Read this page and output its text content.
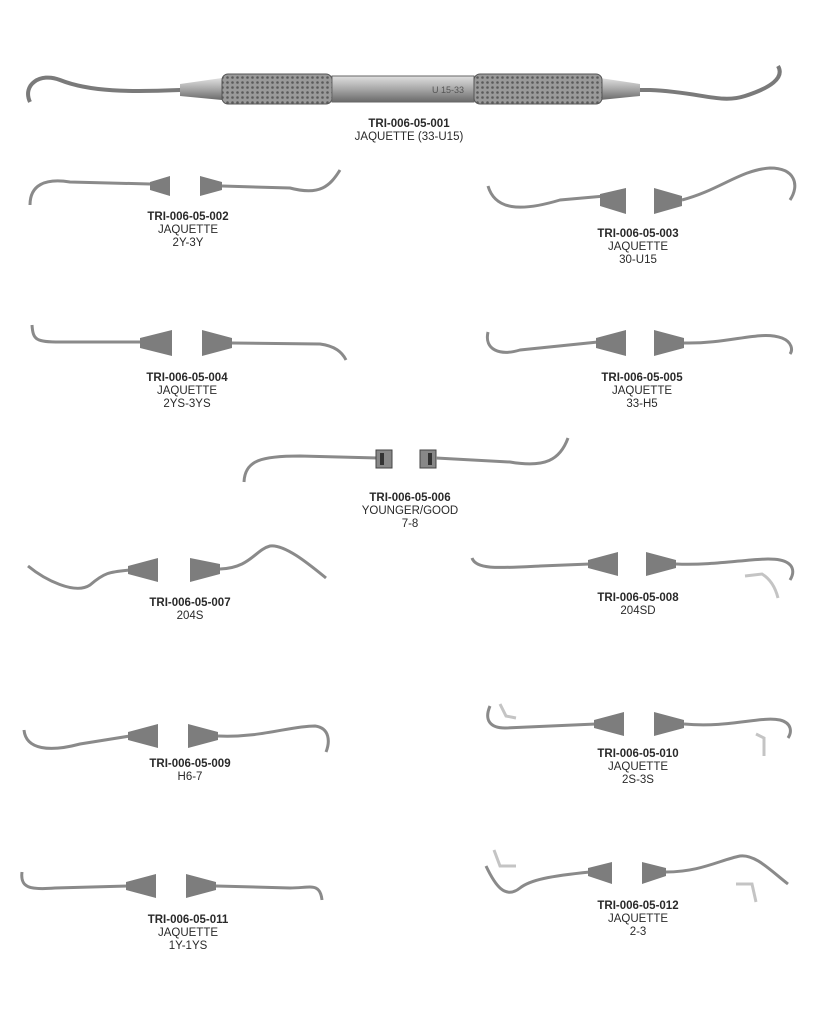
U 15-33
TRI-006-05-001
JAQUETTE (33-U15)
TRI-006-05-002
JAQUETTE
2Y-3Y
TRI-006-05-003
JAQUETTE
30-U15
TRI-006-05-004
JAQUETTE
2YS-3YS
TRI-006-05-005
JAQUETTE
33-H5
TRI-006-05-006
YOUNGER/GOOD
7-8
TRI-006-05-007
204S
TRI-006-05-008
204SD
TRI-006-05-009
H6-7
TRI-006-05-010
JAQUETTE
2S-3S
TRI-006-05-011
JAQUETTE
1Y-1YS
TRI-006-05-012
JAQUETTE
2-3
